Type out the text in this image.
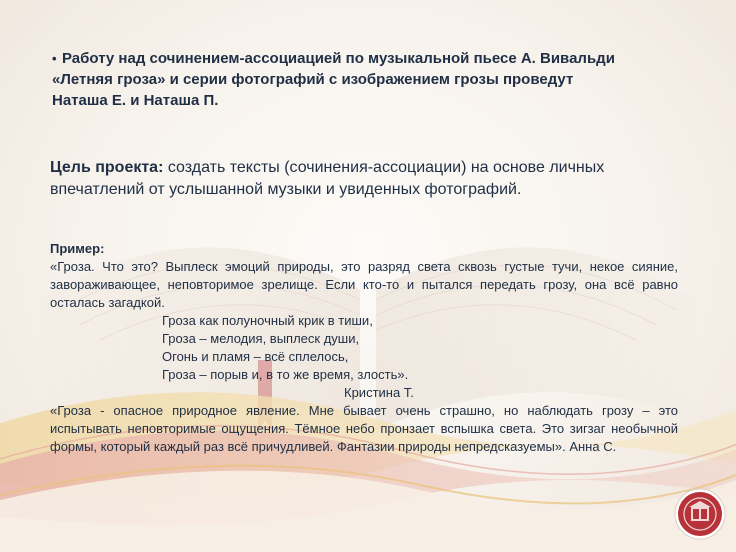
• Работу над сочинением-ассоциацией по музыкальной пьесе А. Вивальди
«Летняя гроза» и серии фотографий с изображением грозы проведут
Наташа Е. и Наташа П.
Цель проекта: создать тексты (сочинения-ассоциации) на основе личных впечатлений от услышанной музыки и увиденных фотографий.
Пример:
«Гроза. Что это? Выплеск эмоций природы, это разряд света сквозь густые тучи, некое сияние, завораживающее, неповторимое зрелище. Если кто-то и пытался передать грозу, она всё равно осталась загадкой.
Гроза как полуночный крик в тиши,
Гроза – мелодия, выплеск души,
Огонь и пламя – всё сплелось,
Гроза – порыв и, в то же время, злость».
Кристина Т.
«Гроза - опасное природное явление. Мне бывает очень страшно, но наблюдать грозу – это испытывать неповторимые ощущения. Тёмное небо пронзает вспышка света. Это зигзаг необычной формы, который каждый раз всё причудливей. Фантазии природы непредсказуемы». Анна С.
